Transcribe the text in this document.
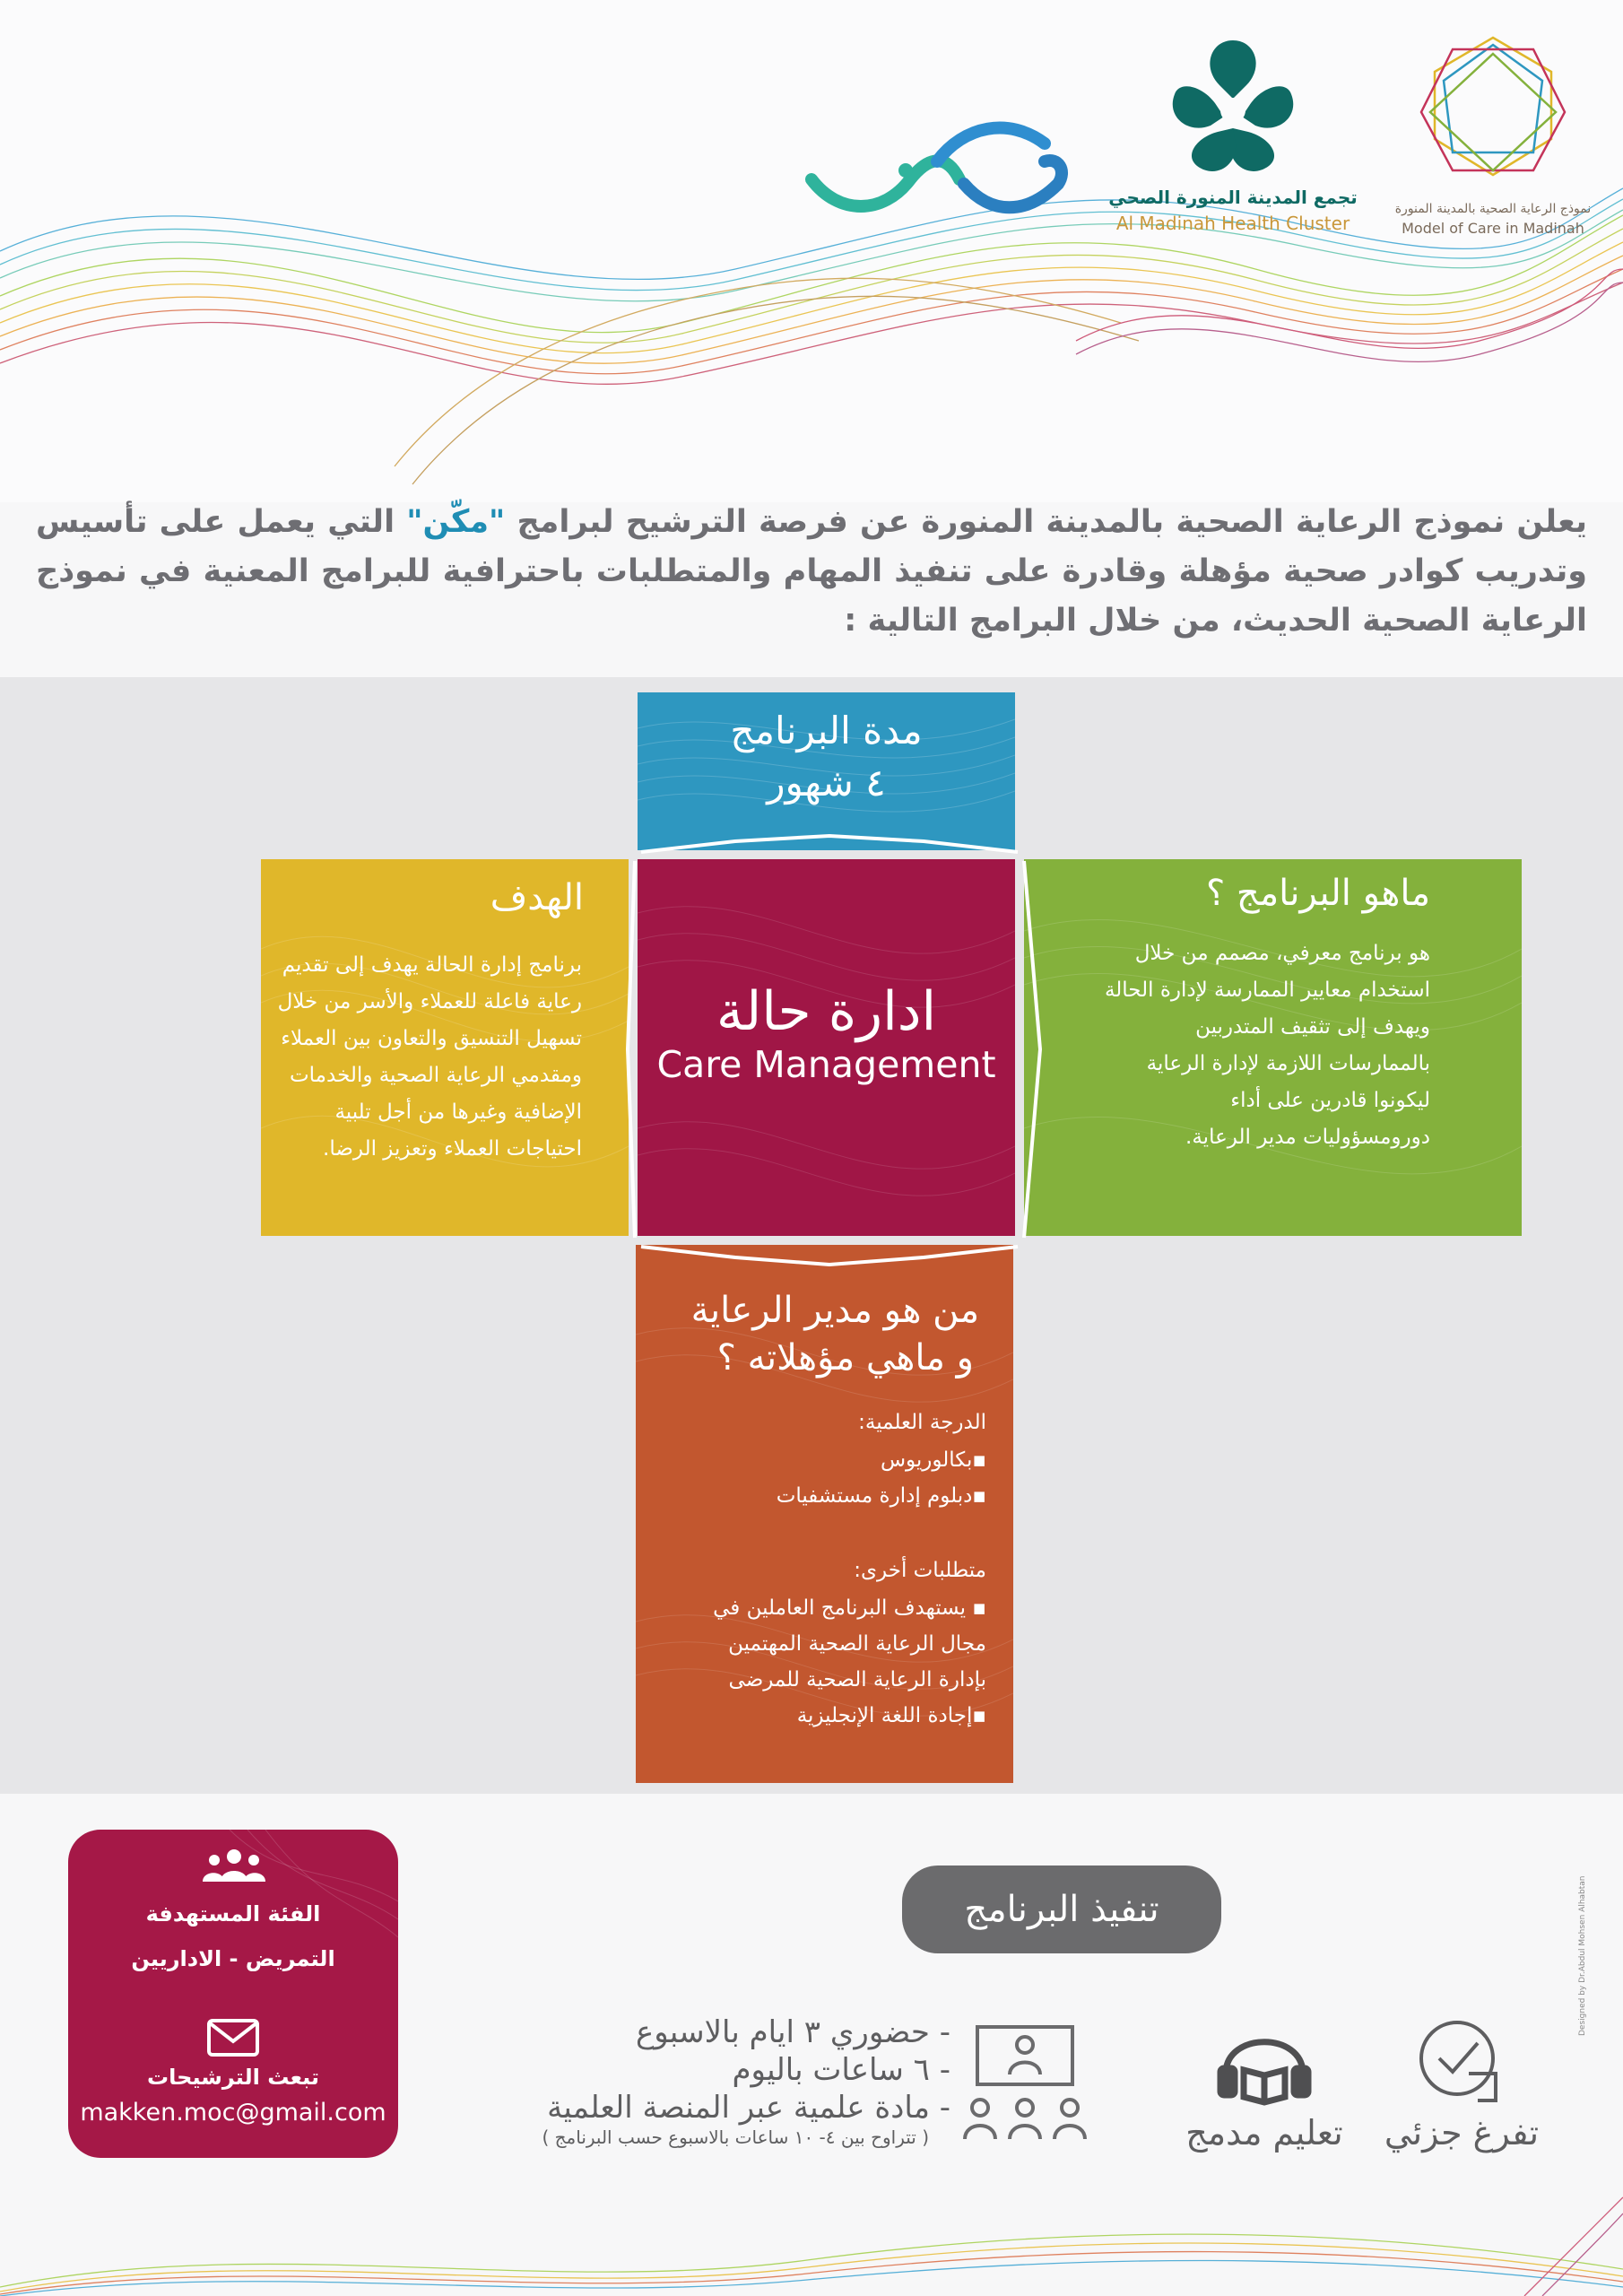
تجمع المدينة المنورة الصحي
Al Madinah Health Cluster
نموذج الرعاية الصحية بالمدينة المنورة
Model of Care in Madinah
يعلن نموذج الرعاية الصحية بالمدينة المنورة عن فرصة الترشيح لبرامج "مكّن" التي يعمل على تأسيس وتدريب كوادر صحية مؤهلة وقادرة على تنفيذ المهام والمتطلبات باحترافية للبرامج المعنية في نموذج الرعاية الصحية الحديث، من خلال البرامج التالية :
مدة البرنامج
٤ شهور
الهدف
برنامج إدارة الحالة يهدف إلى تقديم رعاية فاعلة للعملاء والأسر من خلال تسهيل التنسيق والتعاون بين العملاء ومقدمي الرعاية الصحية والخدمات الإضافية وغيرها من أجل تلبية احتياجات العملاء وتعزيز الرضا.
ادارة حالة
Care Management
ماهو البرنامج ؟
هو برنامج معرفي، مصمم من خلال استخدام معايير الممارسة لإدارة الحالة ويهدف إلى تثقيف المتدربين بالممارسات اللازمة لإدارة الرعاية ليكونوا قادرين على أداء دورومسؤوليات مدير الرعاية.
من هو مدير الرعاية
و ماهي مؤهلاته ؟
الدرجة العلمية:
▪بكالوريوس
▪دبلوم إدارة مستشفيات
متطلبات أخرى:
▪ يستهدف البرنامج العاملين في
مجال الرعاية الصحية المهتمين
بإدارة الرعاية الصحية للمرضى
▪إجادة اللغة الإنجليزية
الفئة المستهدفة
التمريض - الاداريين
تبعث الترشيحات
makken.moc@gmail.com
تنفيذ البرنامج
- حضوري ٣ ايام بالاسبوع
- ٦ ساعات باليوم
- مادة علمية عبر المنصة العلمية
( تتراوح بين ٤- ١٠ ساعات بالاسبوع حسب البرنامج )	تعليم مدمج	تفرغ جزئي
Designed by Dr.Abdul Mohsen Alhabtan
